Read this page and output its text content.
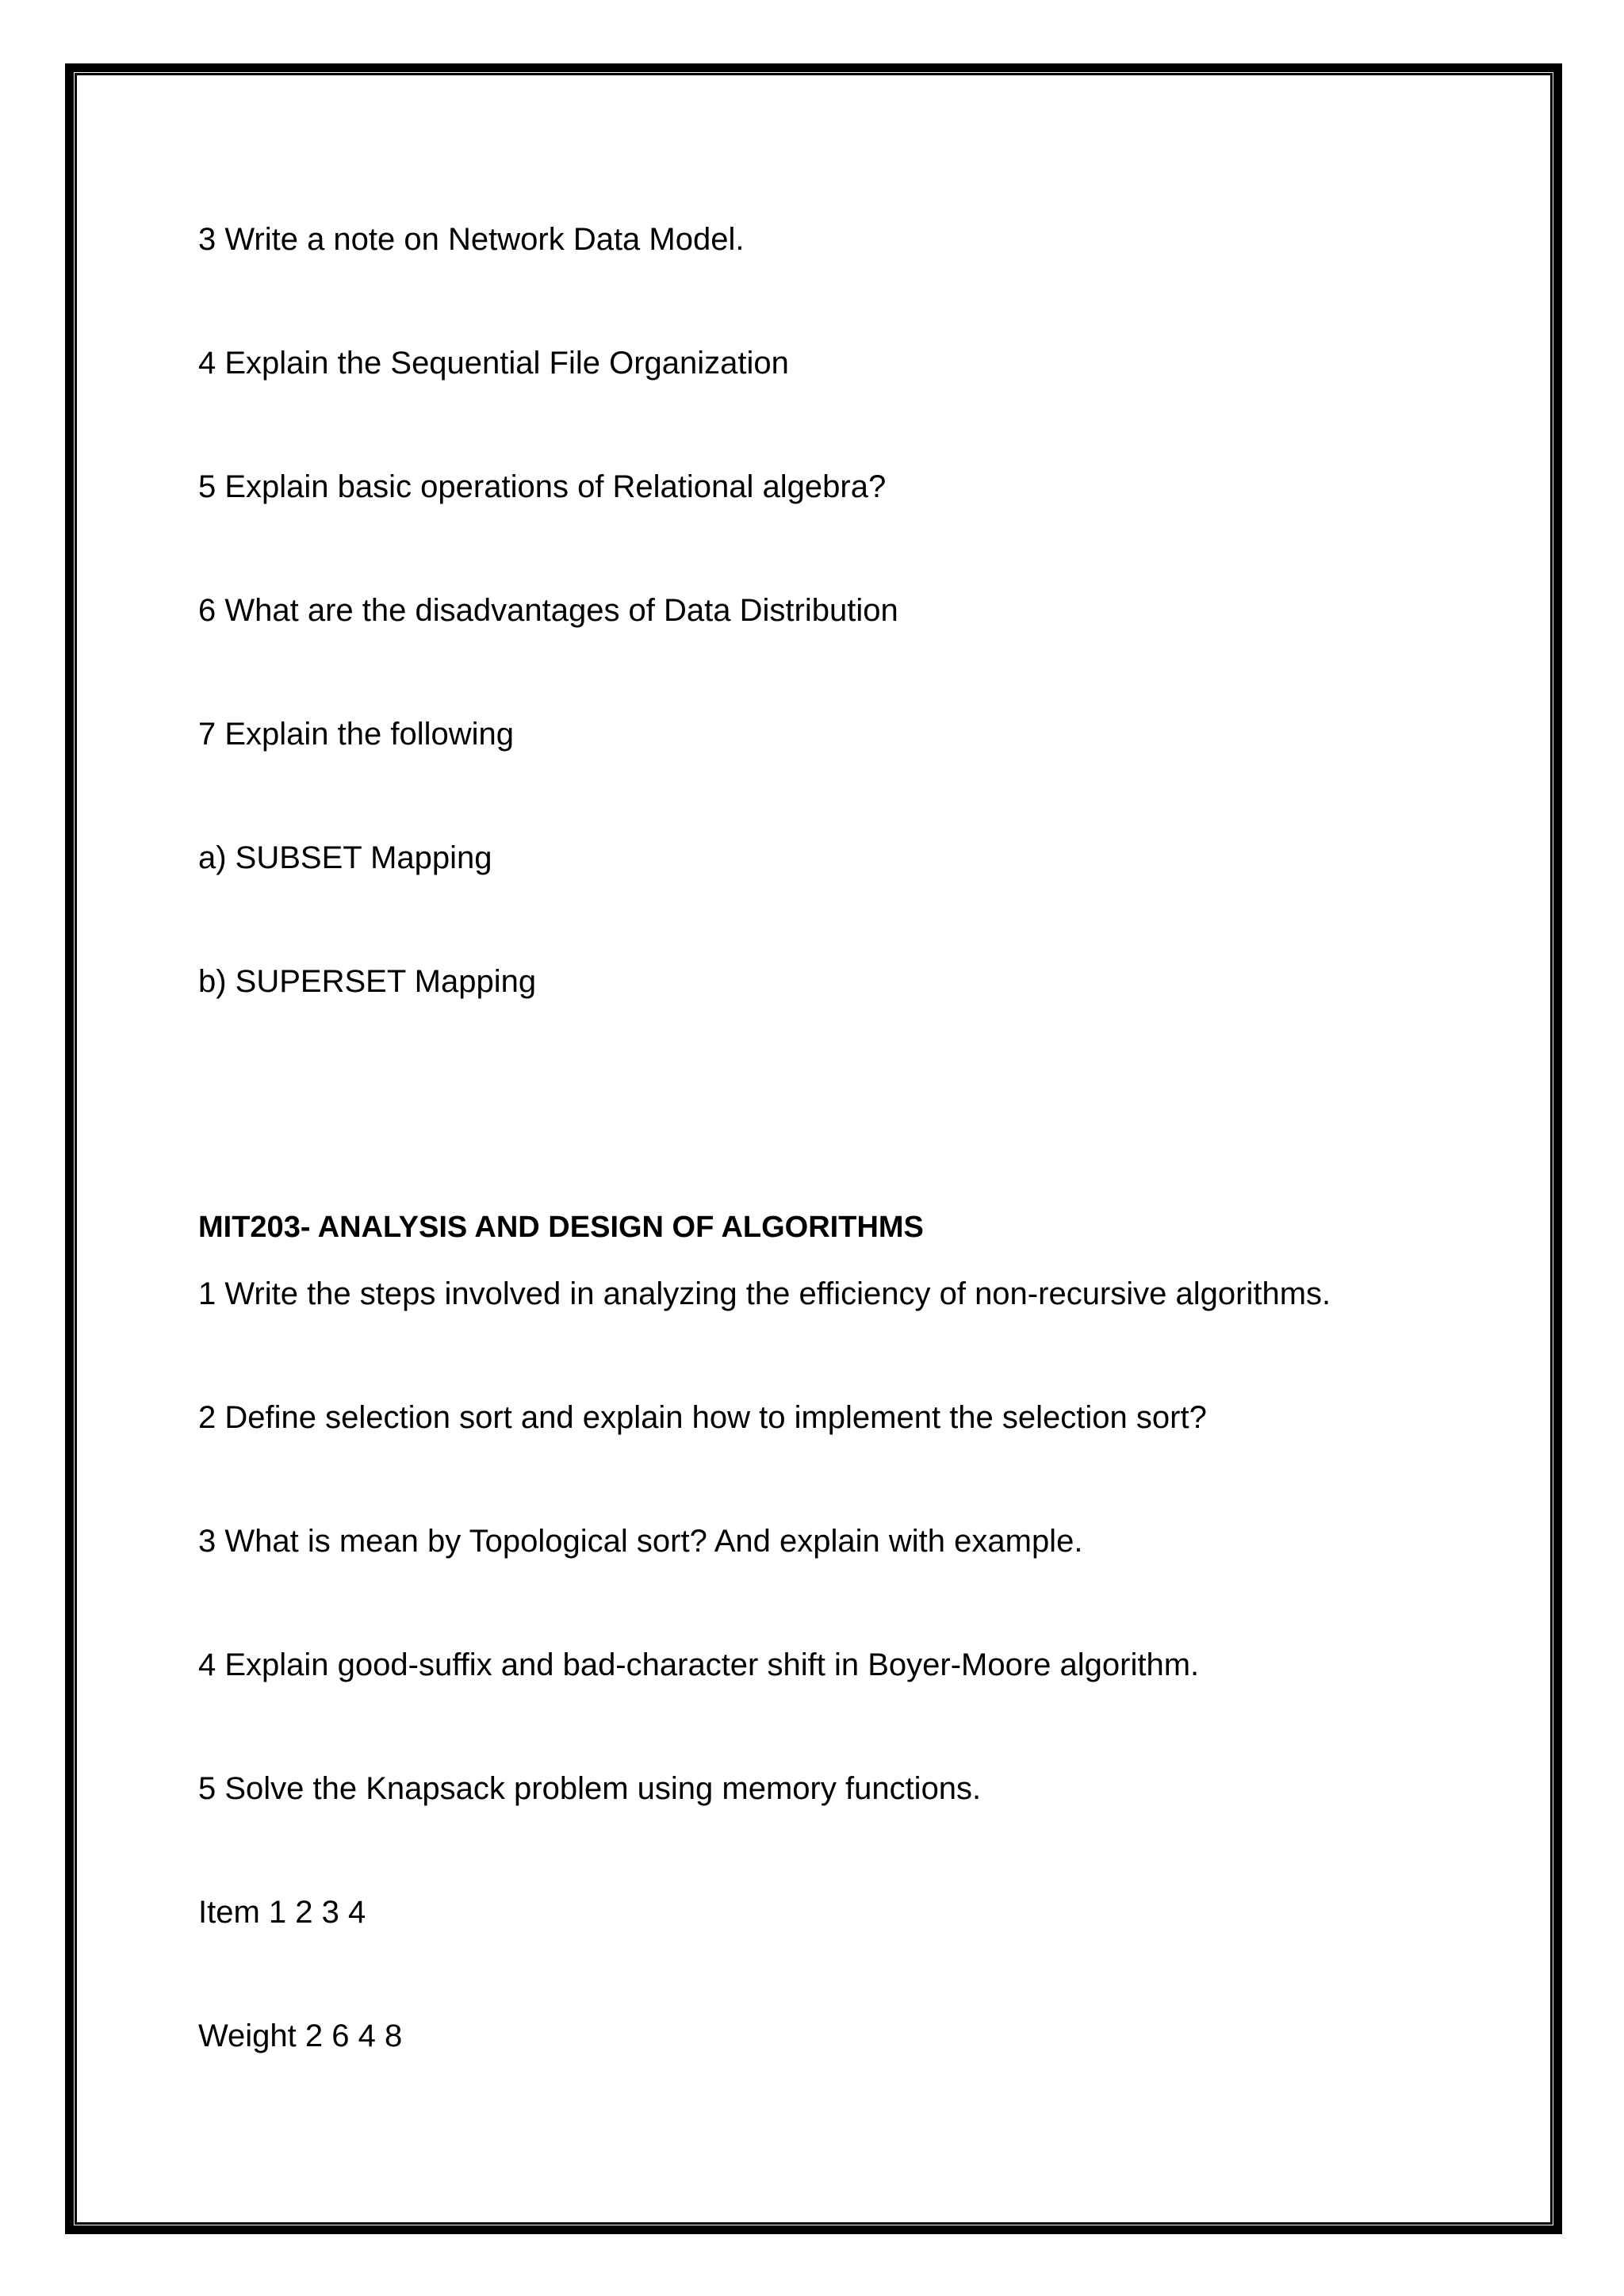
3 Write a note on Network Data Model.
4 Explain the Sequential File Organization
5 Explain basic operations of Relational algebra?
6 What are the disadvantages of Data Distribution
7 Explain the following
a) SUBSET Mapping
b) SUPERSET Mapping
MIT203- ANALYSIS AND DESIGN OF ALGORITHMS
1 Write the steps involved in analyzing the efficiency of non-recursive algorithms.
2 Define selection sort and explain how to implement the selection sort?
3 What is mean by Topological sort? And explain with example.
4 Explain good-suffix and bad-character shift in Boyer-Moore algorithm.
5 Solve the Knapsack problem using memory functions.
Item 1 2 3 4
Weight 2 6 4 8
